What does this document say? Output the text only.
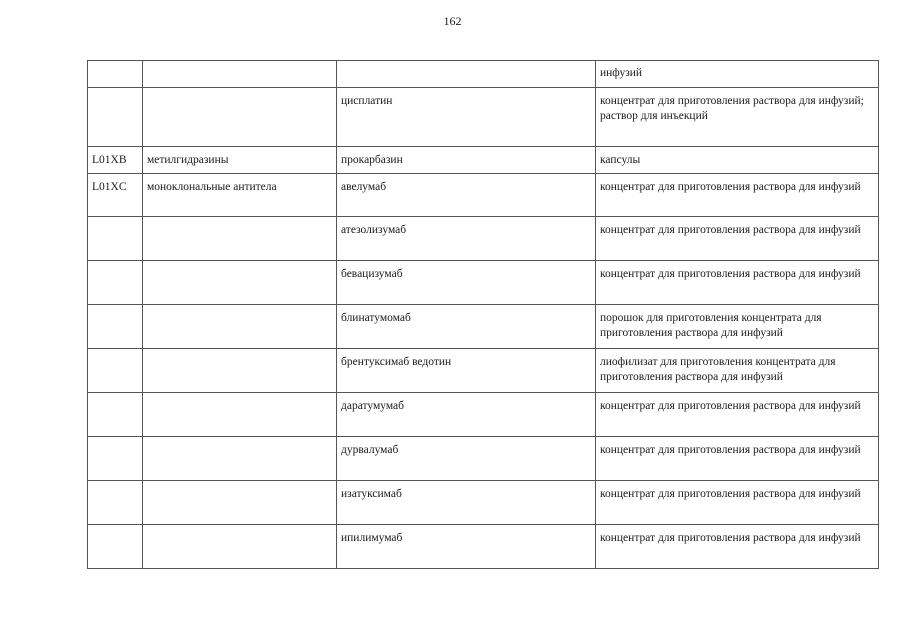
162
			инфузий
		цисплатин	концентрат для приготовления раствора для инфузий;
раствор для инъекций
L01XB	метилгидразины	прокарбазин	капсулы
L01XC	моноклональные антитела	авелумаб	концентрат для приготовления раствора для инфузий
		атезолизумаб	концентрат для приготовления раствора для инфузий
		бевацизумаб	концентрат для приготовления раствора для инфузий
		блинатумомаб	порошок для приготовления концентрата для приготовления раствора для инфузий
		брентуксимаб ведотин	лиофилизат для приготовления концентрата для приготовления раствора для инфузий
		даратумумаб	концентрат для приготовления раствора для инфузий
		дурвалумаб	концентрат для приготовления раствора для инфузий
		изатуксимаб	концентрат для приготовления раствора для инфузий
		ипилимумаб	концентрат для приготовления раствора для инфузий
